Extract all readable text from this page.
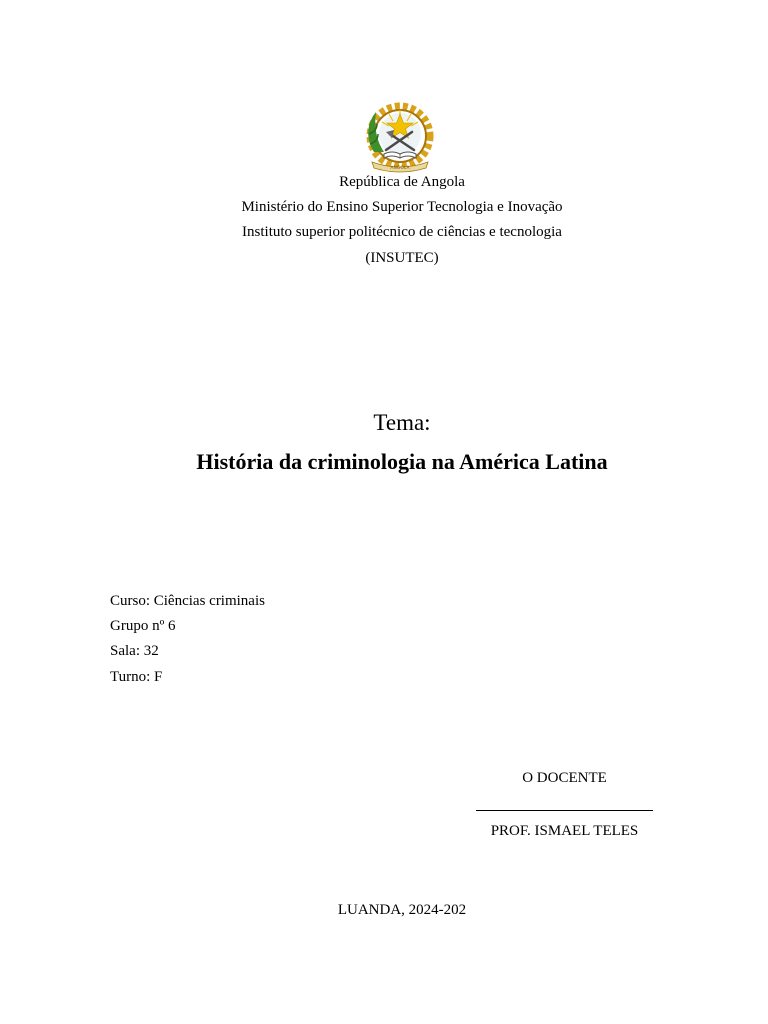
ANGOLA
República de Angola
Ministério do Ensino Superior Tecnologia e Inovação
Instituto superior politécnico de ciências e tecnologia
(INSUTEC)
Tema:
História da criminologia na América Latina
Curso: Ciências criminais
Grupo nº 6
Sala: 32
Turno: F
O DOCENTE
PROF. ISMAEL TELES
LUANDA, 2024-202
